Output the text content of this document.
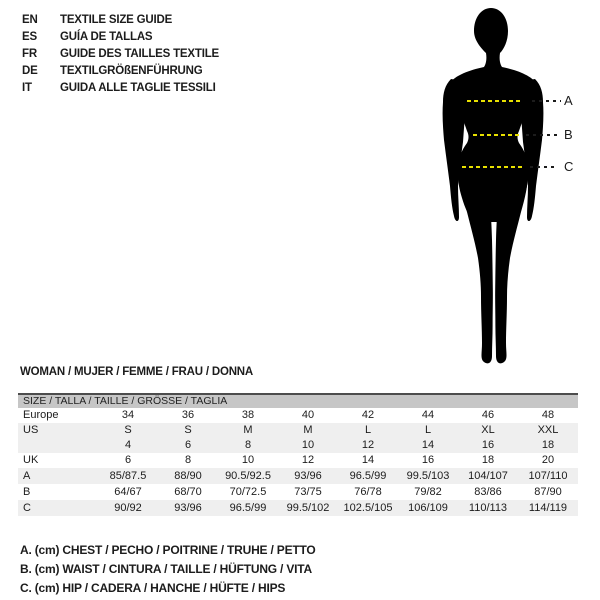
EN	TEXTILE SIZE GUIDE
ES	GUÍA DE TALLAS
FR	GUIDE DES TAILLES TEXTILE
DE	TEXTILGRÖßENFÜHRUNG
IT	GUIDA ALLE TAGLIE TESSILI
A
B
C
WOMAN / MUJER / FEMME / FRAU / DONNA
SIZE / TALLA / TAILLE / GRÖSSE / TAGLIA
Europe	34	36	38	40	42	44	46	48
US	S	S	M	M	L	L	XL	XXL
	4	6	8	10	12	14	16	18
UK	6	8	10	12	14	16	18	20
A	85/87.5	88/90	90.5/92.5	93/96	96.5/99	99.5/103	104/107	107/110
B	64/67	68/70	70/72.5	73/75	76/78	79/82	83/86	87/90
C	90/92	93/96	96.5/99	99.5/102	102.5/105	106/109	110/113	114/119
A. (cm) CHEST / PECHO / POITRINE / TRUHE / PETTO
B. (cm) WAIST / CINTURA / TAILLE / HÜFTUNG / VITA
C. (cm) HIP / CADERA / HANCHE / HÜFTE / HIPS
